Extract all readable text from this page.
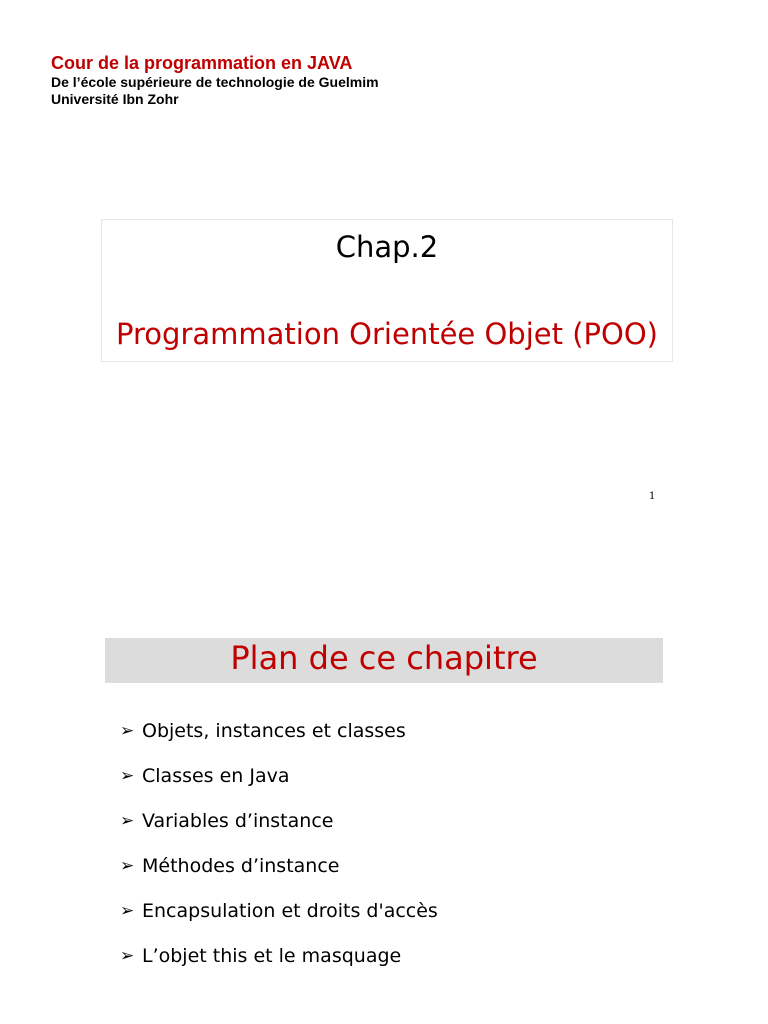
Cour de la programmation en JAVA
De l’école supérieure de technologie de Guelmim
Université Ibn Zohr
Chap.2
Programmation Orientée Objet (POO)
1
Plan de ce chapitre
➢ Objets, instances et classes
➢ Classes en Java
➢ Variables d’instance
➢ Méthodes d’instance
➢ Encapsulation et droits d'accès
➢ L’objet this et le masquage
